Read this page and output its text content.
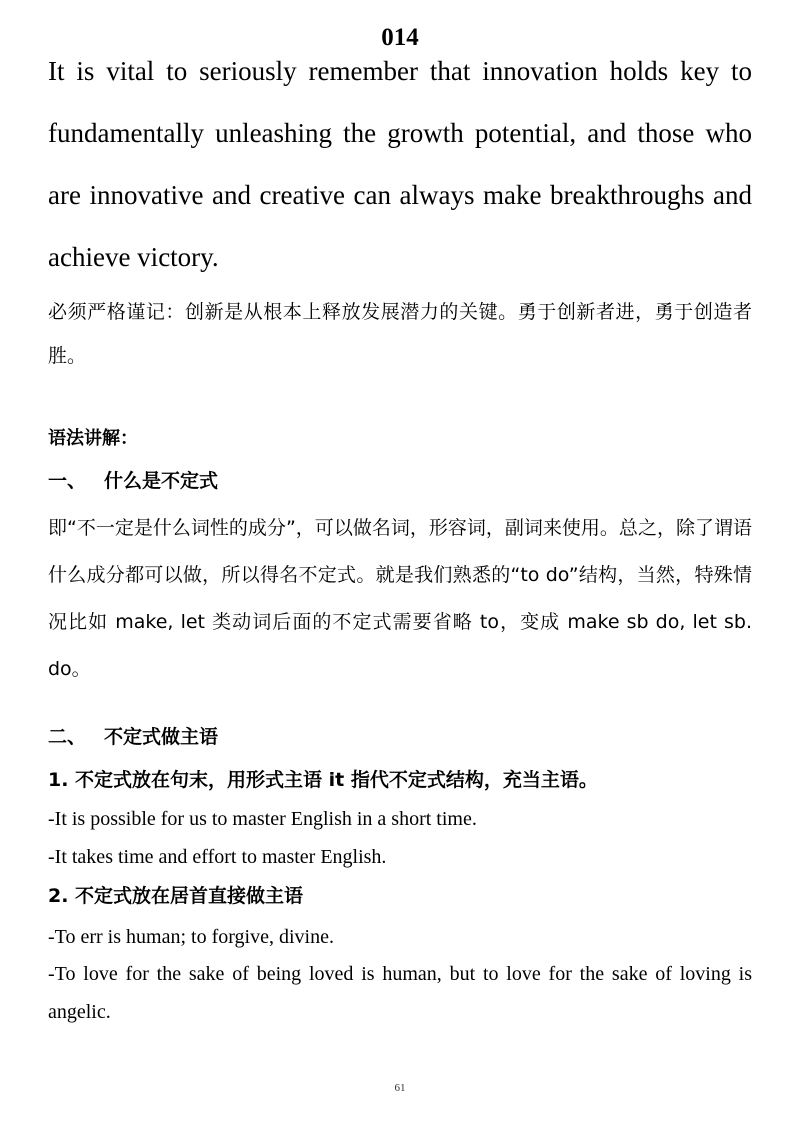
014
It is vital to seriously remember that innovation holds key to fundamentally unleashing the growth potential, and those who are innovative and creative can always make breakthroughs and achieve victory.
必须严格谨记：创新是从根本上释放发展潜力的关键。勇于创新者进，勇于创造者胜。
语法讲解：
一、 什么是不定式
即“不一定是什么词性的成分”，可以做名词，形容词，副词来使用。总之，除了谓语什么成分都可以做，所以得名不定式。就是我们熟悉的“to do”结构，当然，特殊情况比如 make, let 类动词后面的不定式需要省略 to，变成 make sb do, let sb. do。
二、 不定式做主语
1. 不定式放在句末，用形式主语 it 指代不定式结构，充当主语。
-It is possible for us to master English in a short time.
-It takes time and effort to master English.
2. 不定式放在居首直接做主语
-To err is human; to forgive, divine.
-To love for the sake of being loved is human, but to love for the sake of loving is angelic.
61
